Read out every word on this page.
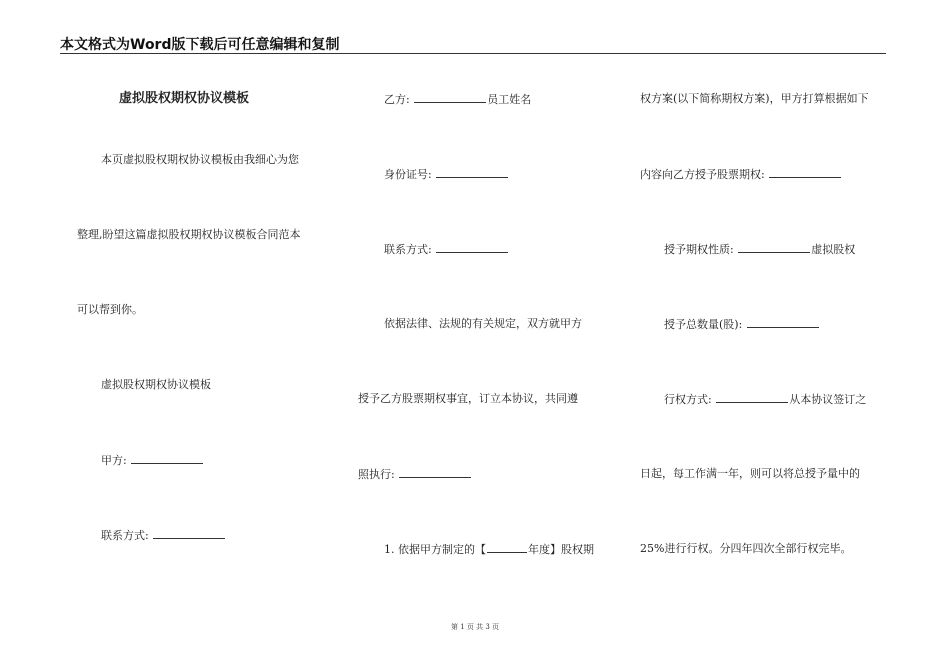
本文格式为Word版下载后可任意编辑和复制
虚拟股权期权协议模板
本页虚拟股权期权协议模板由我细心为您
整理,盼望这篇虚拟股权期权协议模板合同范本
可以帮到你。
虚拟股权期权协议模板
甲方:
联系方式:
乙方:	员工姓名
身份证号:
联系方式:
依据法律、法规的有关规定，双方就甲方
授予乙方股票期权事宜，订立本协议，共同遵
照执行:
1. 依据甲方制定的【	年度】股权期
权方案(以下简称期权方案)，甲方打算根据如下
内容向乙方授予股票期权:
授予期权性质:	虚拟股权
授予总数量(股):
行权方式:	从本协议签订之
日起，每工作满一年，则可以将总授予量中的
25%进行行权。分四年四次全部行权完毕。
第 1 页 共 3 页
